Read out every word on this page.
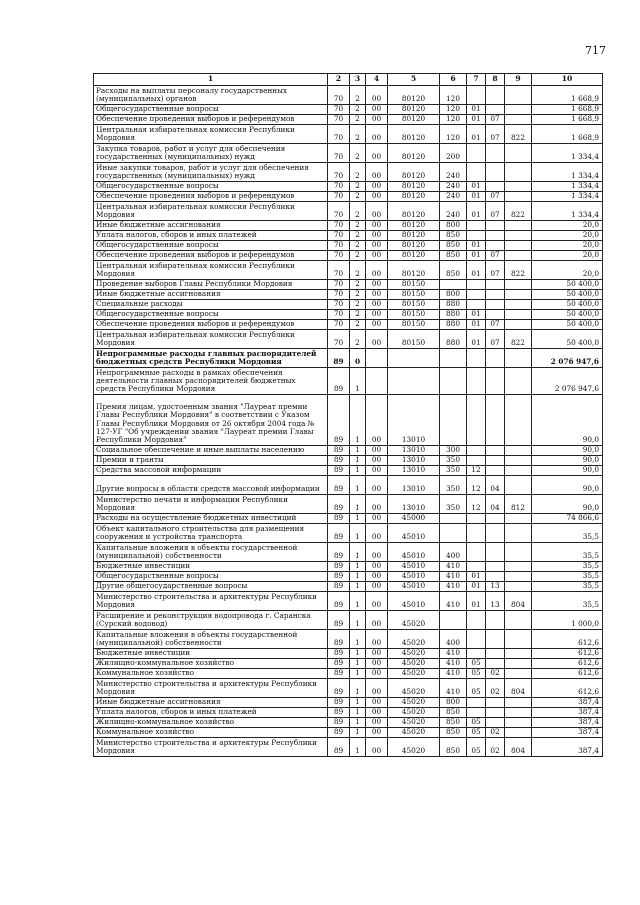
717
1	2	3	4	5	6	7	8	9	10
Расходы на выплаты персоналу государственных (муниципальных) органов	70	2	00	80120	120				1 668,9
Общегосударственные вопросы	70	2	00	80120	120	01			1 668,9
Обеспечение проведения выборов и референдумов	70	2	00	80120	120	01	07		1 668,9
Центральная избирательная комиссия Республики Мордовия	70	2	00	80120	120	01	07	822	1 668,9
Закупка товаров, работ и услуг для обеспечения государственных (муниципальных) нужд	70	2	00	80120	200				1 334,4
Иные закупки товаров, работ и услуг для обеспечения государственных (муниципальных) нужд	70	2	00	80120	240				1 334,4
Общегосударственные вопросы	70	2	00	80120	240	01			1 334,4
Обеспечение проведения выборов и референдумов	70	2	00	80120	240	01	07		1 334,4
Центральная избирательная комиссия Республики Мордовия	70	2	00	80120	240	01	07	822	1 334,4
Иные бюджетные ассигнования	70	2	00	80120	800				20,0
Уплата налогов, сборов и иных платежей	70	2	00	80120	850				20,0
Общегосударственные вопросы	70	2	00	80120	850	01			20,0
Обеспечение проведения выборов и референдумов	70	2	00	80120	850	01	07		20,0
Центральная избирательная комиссия Республики Мордовия	70	2	00	80120	850	01	07	822	20,0
Проведение выборов Главы Республики Мордовия	70	2	00	80150					50 400,0
Иные бюджетные ассигнования	70	2	00	80150	800				50 400,0
Специальные расходы	70	2	00	80150	880				50 400,0
Общегосударственные вопросы	70	2	00	80150	880	01			50 400,0
Обеспечение проведения выборов и референдумов	70	2	00	80150	880	01	07		50 400,0
Центральная избирательная комиссия Республики Мордовия	70	2	00	80150	880	01	07	822	50 400,0
Непрограммные расходы главных распорядителей бюджетных средств Республики Мордовия	89	0							2 076 947,6
Непрограммные расходы в рамках обеспечения деятельности главных распорядителей бюджетных средств Республики Мордовия	89	1							2 076 947,6
Премия лицам, удостоенным звания "Лауреат премии Главы Республики Мордовия" в соответствии с Указом Главы Республики Мордовия от 26 октября 2004 года № 127-УГ "Об учреждении звания "Лауреат премии Главы Республики Мордовия"	89	1	00	13010					90,0
Социальное обеспечение и иные выплаты населению	89	1	00	13010	300				90,0
Премии и гранты	89	1	00	13010	350				90,0
Средства массовой информации	89	1	00	13010	350	12			90,0
Другие вопросы в области средств массовой информации	89	1	00	13010	350	12	04		90,0
Министерство печати и информации Республики Мордовия	89	1	00	13010	350	12	04	812	90,0
Расходы на осуществление бюджетных инвестиций	89	1	00	45000					74 866,6
Объект капитального строительства для размещения сооружения и устройства транспорта	89	1	00	45010					35,5
Капитальные вложения в объекты государственной (муниципальной) собственности	89	1	00	45010	400				35,5
Бюджетные инвестиции	89	1	00	45010	410				35,5
Общегосударственные вопросы	89	1	00	45010	410	01			35,5
Другие общегосударственные вопросы	89	1	00	45010	410	01	13		35,5
Министерство строительства и архитектуры Республики Мордовия	89	1	00	45010	410	01	13	804	35,5
Расширение и реконструкция водопровода г. Саранска (Сурский водовод)	89	1	00	45020					1 000,0
Капитальные вложения в объекты государственной (муниципальной) собственности	89	1	00	45020	400				612,6
Бюджетные инвестиции	89	1	00	45020	410				612,6
Жилищно-коммунальное хозяйство	89	1	00	45020	410	05			612,6
Коммунальное хозяйство	89	1	00	45020	410	05	02		612,6
Министерство строительства и архитектуры Республики Мордовия	89	1	00	45020	410	05	02	804	612,6
Иные бюджетные ассигнования	89	1	00	45020	800				387,4
Уплата налогов, сборов и иных платежей	89	1	00	45020	850				387,4
Жилищно-коммунальное хозяйство	89	1	00	45020	850	05			387,4
Коммунальное хозяйство	89	1	00	45020	850	05	02		387,4
Министерство строительства и архитектуры Республики Мордовия	89	1	00	45020	850	05	02	804	387,4
